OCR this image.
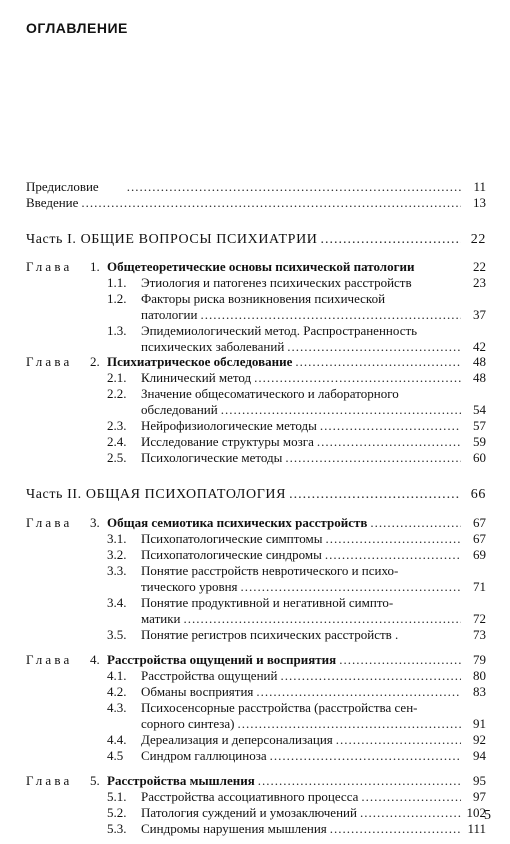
ОГЛАВЛЕНИЕ
Предисловие .....	11
Введение .....	13
Часть I. ОБЩИЕ ВОПРОСЫ ПСИХИАТРИИ .....	22
Глава 1. Общетеоретические основы психической патологии	22
1.1. Этиология и патогенез психических расстройств	23
1.2. Факторы риска возникновения психической
патологии .....	37
1.3. Эпидемиологический метод. Распространенность
психических заболеваний .....	42
Глава 2. Психиатрическое обследование .....	48
2.1. Клинический метод .....	48
2.2. Значение общесоматического и лабораторного
обследований .....	54
2.3. Нейрофизиологические методы .....	57
2.4. Исследование структуры мозга .....	59
2.5. Психологические методы .....	60
Часть II. ОБЩАЯ ПСИХОПАТОЛОГИЯ .....	66
Глава 3. Общая семиотика психических расстройств .....	67
3.1. Психопатологические симптомы .....	67
3.2. Психопатологические синдромы .....	69
3.3. Понятие расстройств невротического и психо-
тического уровня .....	71
3.4. Понятие продуктивной и негативной симпто-
матики .....	72
3.5. Понятие регистров психических расстройств .	73
Глава 4. Расстройства ощущений и восприятия .....	79
4.1. Расстройства ощущений .....	80
4.2. Обманы восприятия .....	83
4.3. Психосенсорные расстройства (расстройства сен-
сорного синтеза) .....	91
4.4. Дереализация и деперсонализация .....	92
4.5 Синдром галлюциноза .....	94
Глава 5. Расстройства мышления .....	95
5.1. Расстройства ассоциативного процесса .....	97
5.2. Патология суждений и умозаключений .....	102
5.3. Синдромы нарушения мышления .....	111
5
